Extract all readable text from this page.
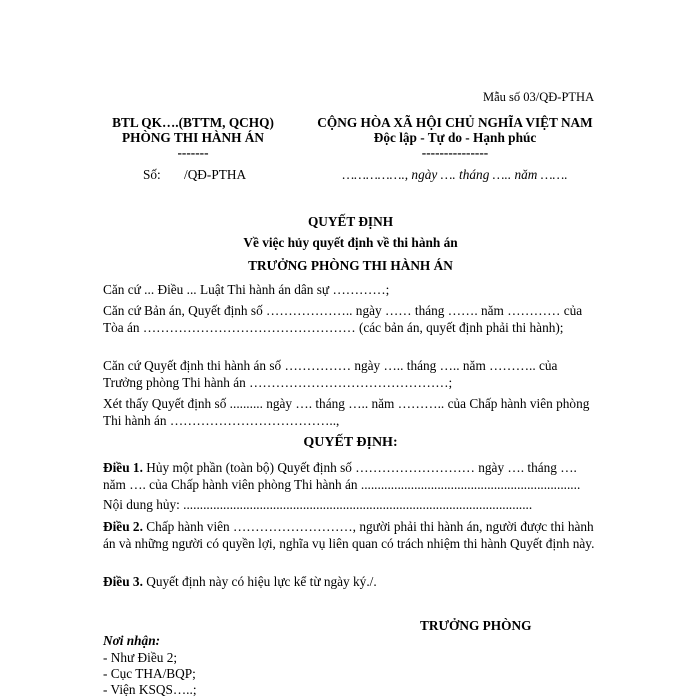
Mẫu số 03/QĐ-PTHA
BTL QK….(BTTM, QCHQ)
PHÒNG THI HÀNH ÁN
-------
Số:       /QĐ-PTHA
CỘNG HÒA XÃ HỘI CHỦ NGHĨA VIỆT NAM
Độc lập - Tự do - Hạnh phúc
---------------
……………., ngày …. tháng ….. năm …….
QUYẾT ĐỊNH
Về việc hủy quyết định về thi hành án
TRƯỞNG PHÒNG THI HÀNH ÁN
Căn cứ ... Điều ... Luật Thi hành án dân sự …………;
Căn cứ Bản án, Quyết định số ……………….. ngày …… tháng ……. năm ………… của Tòa án ………………………………………… (các bản án, quyết định phải thi hành);
Căn cứ Quyết định thi hành án số …………… ngày ….. tháng ….. năm ……….. của Trưởng phòng Thi hành án ………………………………………;
Xét thấy Quyết định số .......... ngày …. tháng ….. năm ……….. của Chấp hành viên phòng Thi hành án ………………………………..,
QUYẾT ĐỊNH:
Điều 1. Hủy một phần (toàn bộ) Quyết định số ……………………… ngày …. tháng …. năm …. của Chấp hành viên phòng Thi hành án ..................................................................
Nội dung hủy: .........................................................................................................
Điều 2. Chấp hành viên ………………………, người phải thi hành án, người được thi hành án và những người có quyền lợi, nghĩa vụ liên quan có trách nhiệm thi hành Quyết định này.
Điều 3. Quyết định này có hiệu lực kể từ ngày ký./.
TRƯỞNG PHÒNG
Nơi nhận:
- Như Điều 2;
- Cục THA/BQP;
- Viện KSQS…..;
